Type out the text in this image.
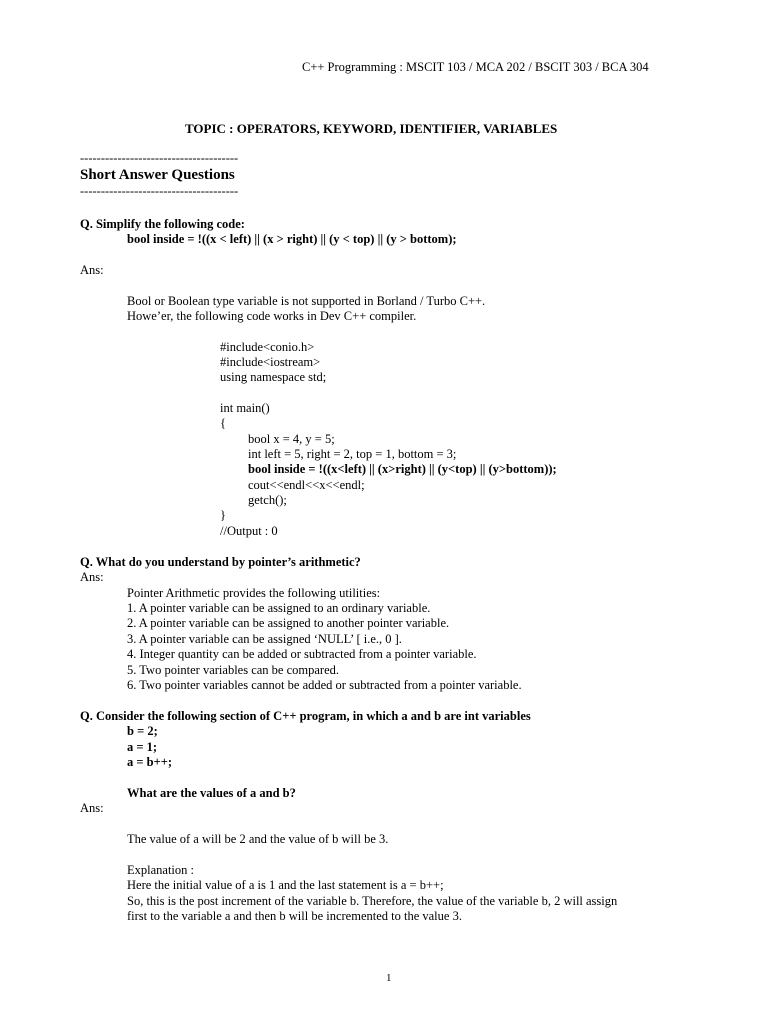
C++ Programming : MSCIT 103 / MCA 202 / BSCIT 303 / BCA 304
TOPIC : OPERATORS, KEYWORD, IDENTIFIER, VARIABLES
--------------------------------------
Short Answer Questions
--------------------------------------
Q. Simplify the following code:
bool inside = !((x < left) || (x > right) || (y < top) || (y > bottom);
Ans:
Bool or Boolean type variable is not supported in Borland / Turbo C++.
Howe’er, the following code works in Dev C++ compiler.
#include<conio.h>
#include<iostream>
using namespace std;
int main()
{
bool x = 4, y = 5;
int left = 5, right = 2, top = 1, bottom = 3;
bool inside = !((x<left) || (x>right) || (y<top) || (y>bottom));
cout<<endl<<x<<endl;
getch();
}
//Output : 0
Q. What do you understand by pointer’s arithmetic?
Ans:
Pointer Arithmetic provides the following utilities:
1. A pointer variable can be assigned to an ordinary variable.
2. A pointer variable can be assigned to another pointer variable.
3. A pointer variable can be assigned ‘NULL’ [ i.e., 0 ].
4. Integer quantity can be added or subtracted from a pointer variable.
5. Two pointer variables can be compared.
6. Two pointer variables cannot be added or subtracted from a pointer variable.
Q. Consider the following section of C++ program, in which a and b are int variables
b = 2;
a = 1;
a = b++;
What are the values of a and b?
Ans:
The value of a will be 2 and the value of b will be 3.
Explanation :
Here the initial value of a is 1 and the last statement is a = b++;
So, this is the post increment of the variable b. Therefore, the value of the variable b, 2 will assign
first to the variable a and then b will be incremented to the value 3.
1
